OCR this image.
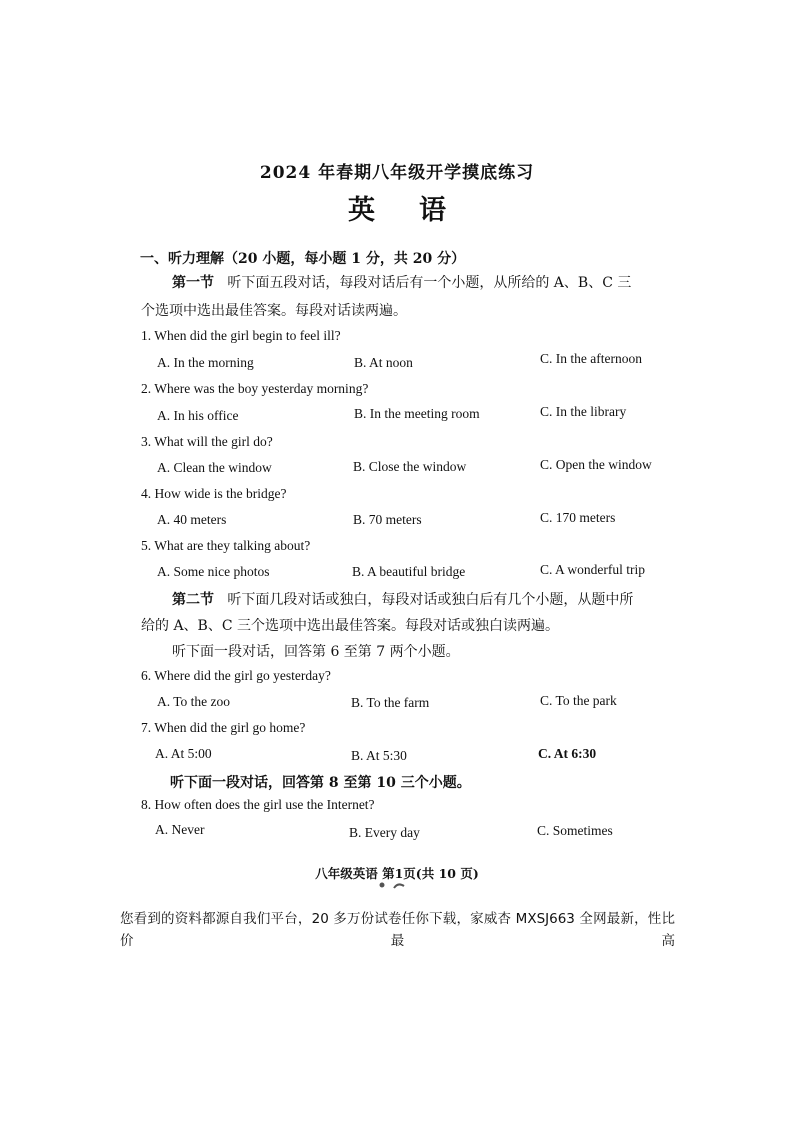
2024 年春期八年级开学摸底练习
英语
一、听力理解（20 小题，每小题 1 分，共 20 分）
第一节 听下面五段对话，每段对话后有一个小题，从所给的 A、B、C 三
个选项中选出最佳答案。每段对话读两遍。
1. When did the girl begin to feel ill?
A. In the morning	B. At noon	C. In the afternoon
2. Where was the boy yesterday morning?
A. In his office	B. In the meeting room	C. In the library
3. What will the girl do?
A. Clean the window	B. Close the window	C. Open the window
4. How wide is the bridge?
A. 40 meters	B. 70 meters	C. 170 meters
5. What are they talking about?
A. Some nice photos	B. A beautiful bridge	C. A wonderful trip
第二节 听下面几段对话或独白，每段对话或独白后有几个小题，从题中所
给的 A、B、C 三个选项中选出最佳答案。每段对话或独白读两遍。
听下面一段对话，回答第 6 至第 7 两个小题。
6. Where did the girl go yesterday?
A. To the zoo	B. To the farm	C. To the park
7. When did the girl go home?
A. At 5:00	B. At 5:30	C. At 6:30
听下面一段对话，回答第 8 至第 10 三个小题。
8. How often does the girl use the Internet?
A. Never	B. Every day	C. Sometimes
八年级英语 第1页(共 10 页)
您看到的资料都源自我们平台，20 多万份试卷任你下载，家威杏 MXSJ663 全网最新，性比价最高
